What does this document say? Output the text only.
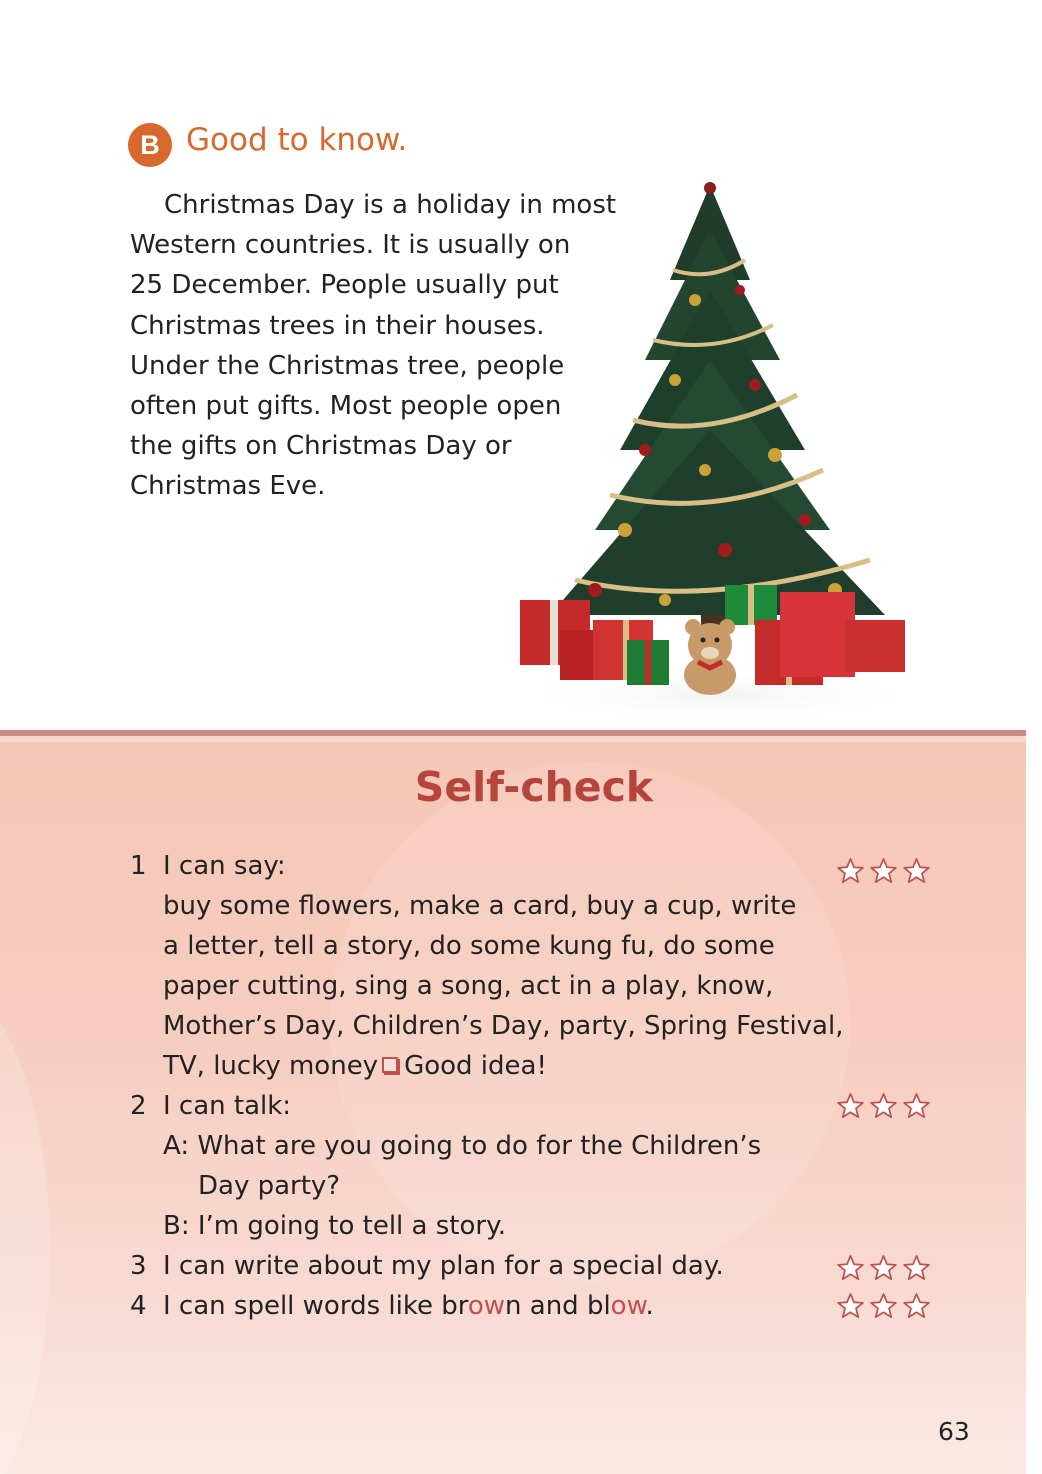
B Good to know.
Christmas Day is a holiday in most
Western countries. It is usually on
25 December. People usually put
Christmas trees in their houses.
Under the Christmas tree, people
often put gifts. Most people open
the gifts on Christmas Day or
Christmas Eve.
Self-check
1 I can say:
buy some flowers, make a card, buy a cup, write
a letter, tell a story, do some kung fu, do some
paper cutting, sing a song, act in a play, know,
Mother’s Day, Children’s Day, party, Spring Festival,
TV, lucky money Good idea!
2 I can talk:
A: What are you going to do for the Children’s
Day party?
B: I’m going to tell a story.
3 I can write about my plan for a special day.
4 I can spell words like brown and blow.
63
